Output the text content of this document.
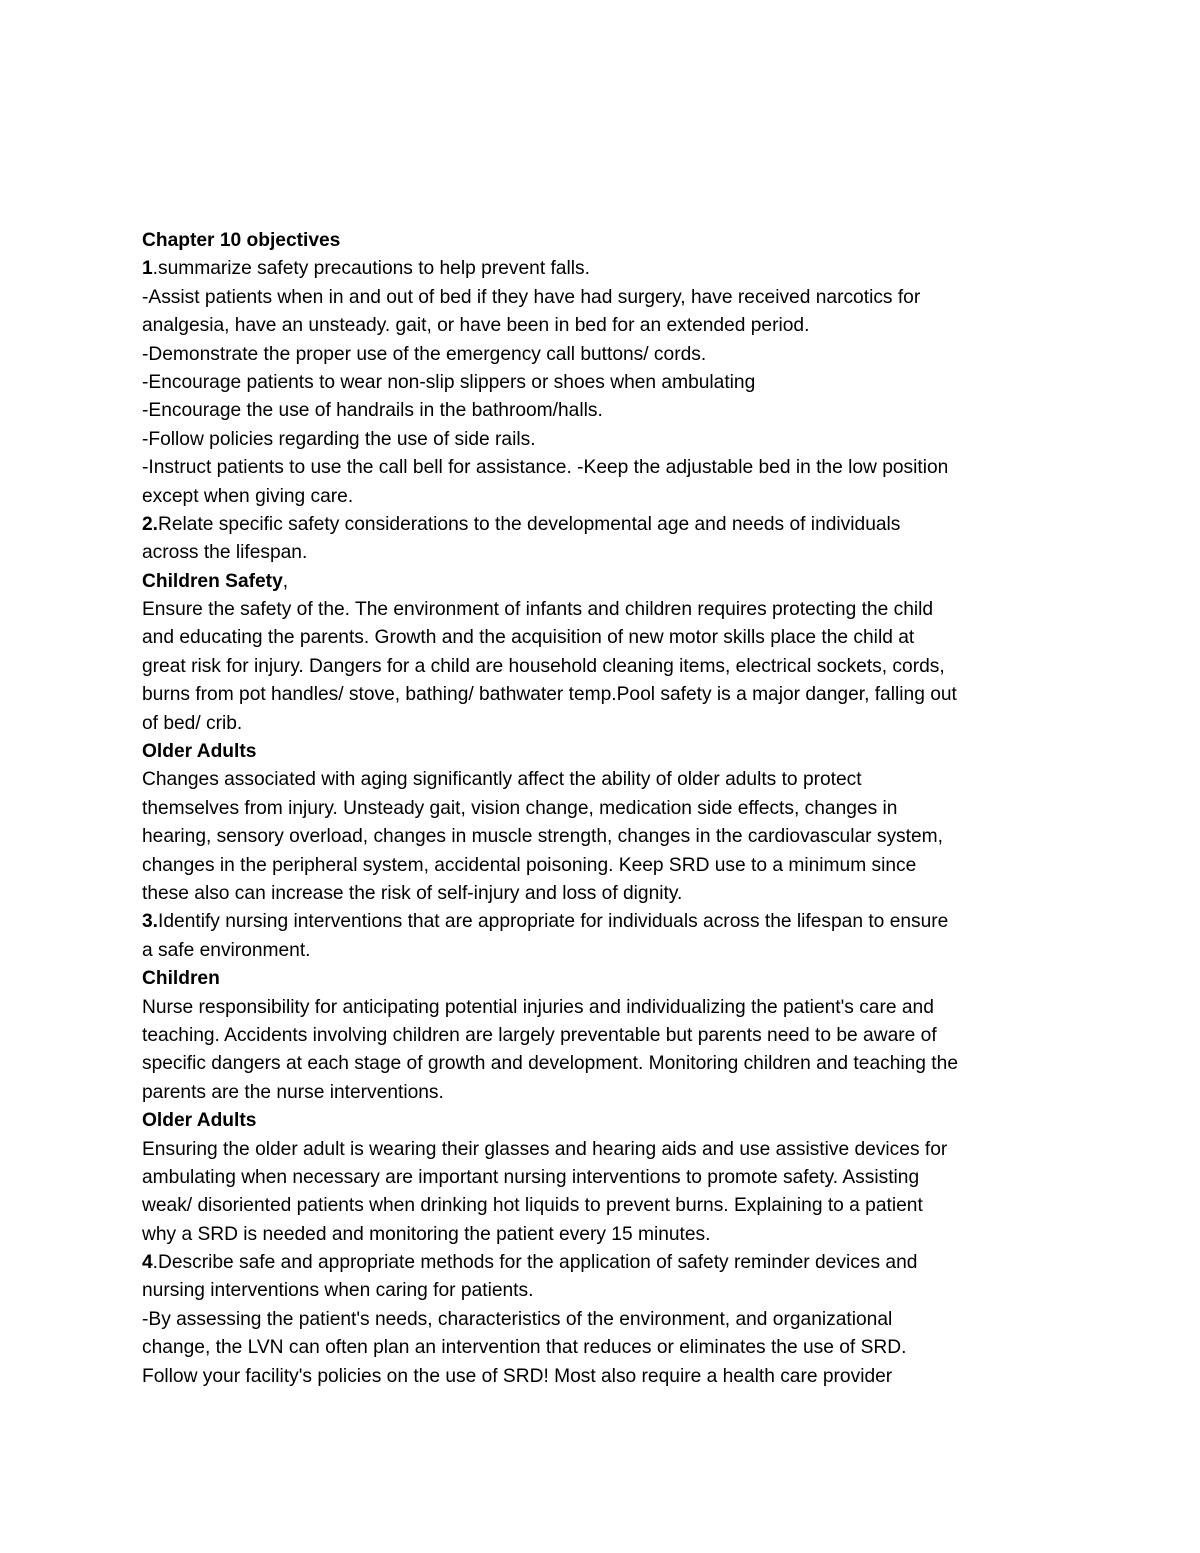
Chapter 10 objectives
1.summarize safety precautions to help prevent falls.
-Assist patients when in and out of bed if they have had surgery, have received narcotics for
analgesia, have an unsteady. gait, or have been in bed for an extended period.
-Demonstrate the proper use of the emergency call buttons/ cords.
-Encourage patients to wear non-slip slippers or shoes when ambulating
-Encourage the use of handrails in the bathroom/halls.
-Follow policies regarding the use of side rails.
-Instruct patients to use the call bell for assistance. -Keep the adjustable bed in the low position
except when giving care.
2.Relate specific safety considerations to the developmental age and needs of individuals
across the lifespan.
Children Safety,
Ensure the safety of the. The environment of infants and children requires protecting the child
and educating the parents. Growth and the acquisition of new motor skills place the child at
great risk for injury. Dangers for a child are household cleaning items, electrical sockets, cords,
burns from pot handles/ stove, bathing/ bathwater temp.Pool safety is a major danger, falling out
of bed/ crib.
Older Adults
Changes associated with aging significantly affect the ability of older adults to protect
themselves from injury. Unsteady gait, vision change, medication side effects, changes in
hearing, sensory overload, changes in muscle strength, changes in the cardiovascular system,
changes in the peripheral system, accidental poisoning. Keep SRD use to a minimum since
these also can increase the risk of self-injury and loss of dignity.
3.Identify nursing interventions that are appropriate for individuals across the lifespan to ensure
a safe environment.
Children
Nurse responsibility for anticipating potential injuries and individualizing the patient's care and
teaching. Accidents involving children are largely preventable but parents need to be aware of
specific dangers at each stage of growth and development. Monitoring children and teaching the
parents are the nurse interventions.
Older Adults
Ensuring the older adult is wearing their glasses and hearing aids and use assistive devices for
ambulating when necessary are important nursing interventions to promote safety. Assisting
weak/ disoriented patients when drinking hot liquids to prevent burns. Explaining to a patient
why a SRD is needed and monitoring the patient every 15 minutes.
4.Describe safe and appropriate methods for the application of safety reminder devices and
nursing interventions when caring for patients.
-By assessing the patient's needs, characteristics of the environment, and organizational
change, the LVN can often plan an intervention that reduces or eliminates the use of SRD.
Follow your facility's policies on the use of SRD! Most also require a health care provider
